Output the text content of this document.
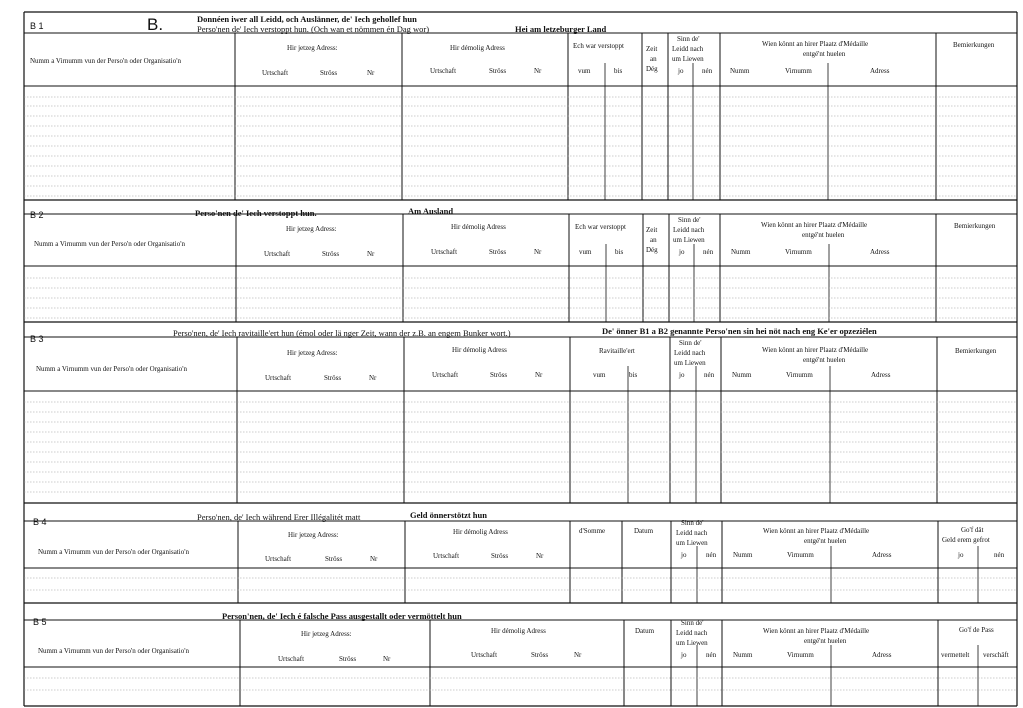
B 1	B.	Donnéen iwer all Leidd, och Auslänner, de' Iech gehollef hun
Perso'nen de' Iech verstoppt hun. (Och wan et nömmen én Dag wor)	Hei am letzeburger Land
Numm a Virnumm vun der Perso'n oder Organisatio'n
Hir jetzeg Adress:
Urtschaft	Ströss	Nr
Hir démolig Adress
Urtschaft	Ströss	Nr
Ech war verstoppt
vum	bis
Zeit
an
Dég
Sinn de'
Leidd nach
um Liewen
jo	nén
Wien könnt an hirer Plaatz d'Médaille
entgé'nt huelen
Numm	Virnumm	Adress
Bemierkungen
B 2	Perso'nen de' Iech verstoppt hun.	Am Ausland
Numm a Virnumm vun der Perso'n oder Organisatio'n
Hir jetzeg Adress:
Urtschaft	Ströss	Nr
Hir démolig Adress
Urtschaft	Ströss	Nr
Ech war verstoppt
vum	bis
Zeit
an
Dég
Sinn de'
Leidd nach
um Liewen
jo	nén
Wien könnt an hirer Plaatz d'Médaille
entgé'nt huelen
Numm	Virnumm	Adress
Bemierkungen
B 3
Perso'nen, de' Iech ravitaille'ert hun (émol oder lä nger Zeit, wann der z.B. an engem Bunker wort.)	De' önner B1 a B2 genannte Perso'nen sin hei nöt nach eng Ke'er opzeziélen
Numm a Virnumm vun der Perso'n oder Organisatio'n
Hir jetzeg Adress:
Urtschaft	Ströss	Nr
Hir démolig Adress
Urtschaft	Ströss	Nr
Ravitaille'ert
vum	bis
Sinn de'
Leidd nach
um Liewen
jo	nén
Wien könnt an hirer Plaatz d'Médaille
entgé'nt huelen
Numm	Virnumm	Adress
Bemierkungen
B 4	Perso'nen, de' Iech während Erer Illégalitét matt	Geld önnerstötzt hun
Numm a Virnumm vun der Perso'n oder Organisatio'n
Hir jetzeg Adress:
Urtschaft	Ströss	Nr
Hir démolig Adress
Urtschaft	Ströss	Nr
d'Somme	Datum
Sinn de'
Leidd nach
um Liewen
jo	nén
Wien könnt an hirer Plaatz d'Médaille
entgé'nt huelen
Numm	Virnumm	Adress
Go'f dät
Geld erem gefrot
jo	nén
B 5
Person'nen, de' Iech é falsche Pass ausgestallt oder vermöttelt hun
Numm a Virnumm vun der Perso'n oder Organisatio'n
Hir jetzeg Adress:
Urtschaft	Ströss	Nr
Hir démolig Adress
Urtschaft	Ströss	Nr
Datum
Sinn de'
Leidd nach
um Liewen
jo	nén
Wien könnt an hirer Plaatz d'Médaille
entgé'nt huelen
Numm	Virnumm	Adress
Go'f de Pass
vermettelt verschäft
